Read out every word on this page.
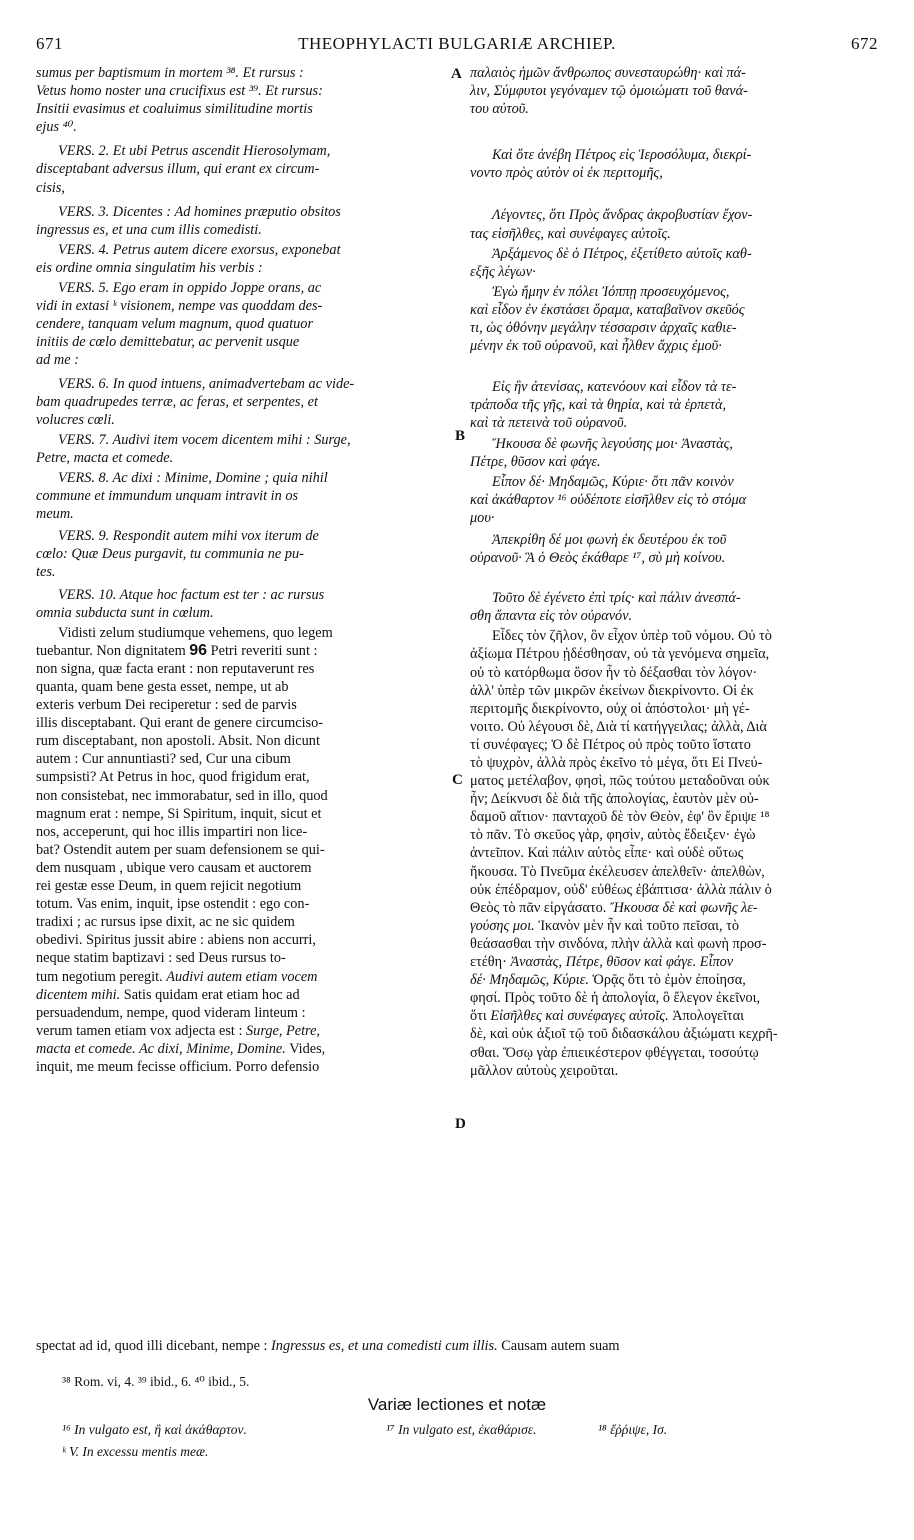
671	THEOPHYLACTI BULGARIÆ ARCHIEP.	672
A
B
C
D

sumus per baptismum in mortem ³⁸. Et rursus :

Vetus homo noster una crucifixus est ³⁹. Et rursus:

Insitii evasimus et coaluimus similitudine mortis

ejus ⁴⁰.

VERS. 2. Et ubi Petrus ascendit Hierosolymam,

disceptabant adversus illum, qui erant ex circum-

cisis,

VERS. 3. Dicentes : Ad homines præputio obsitos

ingressus es, et una cum illis comedisti.

VERS. 4. Petrus autem dicere exorsus, exponebat

eis ordine omnia singulatim his verbis :

VERS. 5. Ego eram in oppido Joppe orans, ac

vidi in extasi ᵏ visionem, nempe vas quoddam des-

cendere, tanquam velum magnum, quod quatuor

initiis de cœlo demittebatur, ac pervenit usque

ad me :

VERS. 6. In quod intuens, animadvertebam ac vide-

bam quadrupedes terræ, ac feras, et serpentes, et

volucres cœli.

VERS. 7. Audivi item vocem dicentem mihi : Surge,

Petre, macta et comede.

VERS. 8. Ac dixi : Minime, Domine ; quia nihil

commune et immundum unquam intravit in os

meum.

VERS. 9. Respondit autem mihi vox iterum de

cœlo: Quæ Deus purgavit, tu communia ne pu-

tes.

VERS. 10. Atque hoc factum est ter : ac rursus

omnia subducta sunt in cœlum.

Vidisti zelum studiumque vehemens, quo legem

tuebantur. Non dignitatem 96 Petri reveriti sunt :

non signa, quæ facta erant : non reputaverunt res

quanta, quam bene gesta esset, nempe, ut ab

exteris verbum Dei reciperetur : sed de parvis

illis disceptabant. Qui erant de genere circumciso-

rum disceptabant, non apostoli. Absit. Non dicunt

autem : Cur annuntiasti? sed, Cur una cibum

sumpsisti? At Petrus in hoc, quod frigidum erat,

non consistebat, nec immorabatur, sed in illo, quod

magnum erat : nempe, Si Spiritum, inquit, sicut et

nos, acceperunt, qui hoc illis impartiri non lice-

bat? Ostendit autem per suam defensionem se qui-

dem nusquam , ubique vero causam et auctorem

rei gestæ esse Deum, in quem rejicit negotium

totum. Vas enim, inquit, ipse ostendit : ego con-

tradixi ; ac rursus ipse dixit, ac ne sic quidem

obedivi. Spiritus jussit abire : abiens non accurri,

neque statim baptizavi : sed Deus rursus to-

tum negotium peregit. Audivi autem etiam vocem

dicentem mihi. Satis quidam erat etiam hoc ad

persuadendum, nempe, quod videram linteum :

verum tamen etiam vox adjecta est : Surge, Petre,

macta et comede. Ac dixi, Minime, Domine. Vides,

inquit, me meum fecisse officium. Porro defensio

παλαιὸς ἡμῶν ἄνθρωπος συνεσταυρώθη· καὶ πά-

λιν, Σύμφυτοι γεγόναμεν τῷ ὁμοιώματι τοῦ θανά-

του αὐτοῦ.

Καὶ ὅτε ἀνέβη Πέτρος εἰς Ἱεροσόλυμα, διεκρί-

νοντο πρὸς αὐτὸν οἱ ἐκ περιτομῆς,

Λέγοντες, ὅτι Πρὸς ἄνδρας ἀκροβυστίαν ἔχον-

τας εἰσῆλθες, καὶ συνέφαγες αὐτοῖς.

Ἀρξάμενος δὲ ὁ Πέτρος, ἐξετίθετο αὐτοῖς καθ-

εξῆς λέγων·

Ἐγὼ ἤμην ἐν πόλει Ἰόππῃ προσευχόμενος,

καὶ εἶδον ἐν ἐκστάσει ὅραμα, καταβαῖνον σκεῦός

τι, ὡς ὀθόνην μεγάλην τέσσαρσιν ἀρχαῖς καθιε-

μένην ἐκ τοῦ οὐρανοῦ, καὶ ἦλθεν ἄχρις ἐμοῦ·

Εἰς ἣν ἀτενίσας, κατενόουν καὶ εἶδον τὰ τε-

τράποδα τῆς γῆς, καὶ τὰ θηρία, καὶ τὰ ἑρπετὰ,

καὶ τὰ πετεινὰ τοῦ οὐρανοῦ.

Ἤκουσα δὲ φωνῆς λεγούσης μοι· Ἀναστὰς,

Πέτρε, θῦσον καὶ φάγε.

Εἶπον δέ· Μηδαμῶς, Κύριε· ὅτι πᾶν κοινὸν

καὶ ἀκάθαρτον ¹⁶ οὐδέποτε εἰσῆλθεν εἰς τὸ στόμα

μου·

Ἀπεκρίθη δέ μοι φωνὴ ἐκ δευτέρου ἐκ τοῦ

οὐρανοῦ· Ἃ ὁ Θεὸς ἐκάθαρε ¹⁷, σὺ μὴ κοίνου.

Τοῦτο δὲ ἐγένετο ἐπὶ τρίς· καὶ πάλιν ἀνεσπά-

σθη ἅπαντα εἰς τὸν οὐρανόν.

Εἶδες τὸν ζῆλον, ὃν εἶχον ὑπὲρ τοῦ νόμου. Οὐ τὸ

ἀξίωμα Πέτρου ᾐδέσθησαν, οὐ τὰ γενόμενα σημεῖα,

οὐ τὸ κατόρθωμα ὅσον ἦν τὸ δέξασθαι τὸν λόγον·

ἀλλ' ὑπὲρ τῶν μικρῶν ἐκείνων διεκρίνοντο. Οἱ ἐκ

περιτομῆς διεκρίνοντο, οὐχ οἱ ἀπόστολοι· μὴ γέ-

νοιτο. Οὐ λέγουσι δὲ, Διὰ τί κατήγγειλας; ἀλλὰ, Διὰ

τί συνέφαγες; Ὁ δὲ Πέτρος οὐ πρὸς τοῦτο ἵστατο

τὸ ψυχρὸν, ἀλλὰ πρὸς ἐκεῖνο τὸ μέγα, ὅτι Εἰ Πνεύ-

ματος μετέλαβον, φησὶ, πῶς τούτου μεταδοῦναι οὐκ

ἦν; Δείκνυσι δὲ διὰ τῆς ἀπολογίας, ἑαυτὸν μὲν οὐ-

δαμοῦ αἴτιον· πανταχοῦ δὲ τὸν Θεὸν, ἐφ' ὃν ἔριψε ¹⁸

τὸ πᾶν. Τὸ σκεῦος γὰρ, φησὶν, αὐτὸς ἔδειξεν· ἐγὼ

ἀντεῖπον. Καὶ πάλιν αὐτὸς εἶπε· καὶ οὐδὲ οὕτως

ἤκουσα. Τὸ Πνεῦμα ἐκέλευσεν ἀπελθεῖν· ἀπελθὼν,

οὐκ ἐπέδραμον, οὐδ' εὐθέως ἐβάπτισα· ἀλλὰ πάλιν ὁ

Θεὸς τὸ πᾶν εἰργάσατο. Ἤκουσα δὲ καὶ φωνῆς λε-

γούσης μοι. Ἱκανὸν μὲν ἦν καὶ τοῦτο πεῖσαι, τὸ

θεάσασθαι τὴν σινδόνα, πλὴν ἀλλὰ καὶ φωνὴ προσ-

ετέθη· Ἀναστὰς, Πέτρε, θῦσον καὶ φάγε. Εἶπον

δέ· Μηδαμῶς, Κύριε. Ὁρᾷς ὅτι τὸ ἐμὸν ἐποίησα,

φησί. Πρὸς τοῦτο δὲ ἡ ἀπολογία, ὃ ἔλεγον ἐκεῖνοι,

ὅτι Εἰσῆλθες καὶ συνέφαγες αὐτοῖς. Ἀπολογεῖται

δὲ, καὶ οὐκ ἀξιοῖ τῷ τοῦ διδασκάλου ἀξιώματι κεχρῆ-

σθαι. Ὅσῳ γὰρ ἐπιεικέστερον φθέγγεται, τοσούτῳ

μᾶλλον αὐτοὺς χειροῦται.

spectat ad id, quod illi dicebant, nempe : Ingressus es, et una comedisti cum illis. Causam autem suam
³⁸ Rom. vi, 4. ³⁹ ibid., 6. ⁴⁰ ibid., 5.
Variæ lectiones et notæ
¹⁶ In vulgato est, ἢ καὶ ἀκάθαρτον.	¹⁷ In vulgato est, ἐκαθάρισε.	¹⁸ ἔῤῥιψε, Ισ.
ᵏ V. In excessu mentis meæ.
